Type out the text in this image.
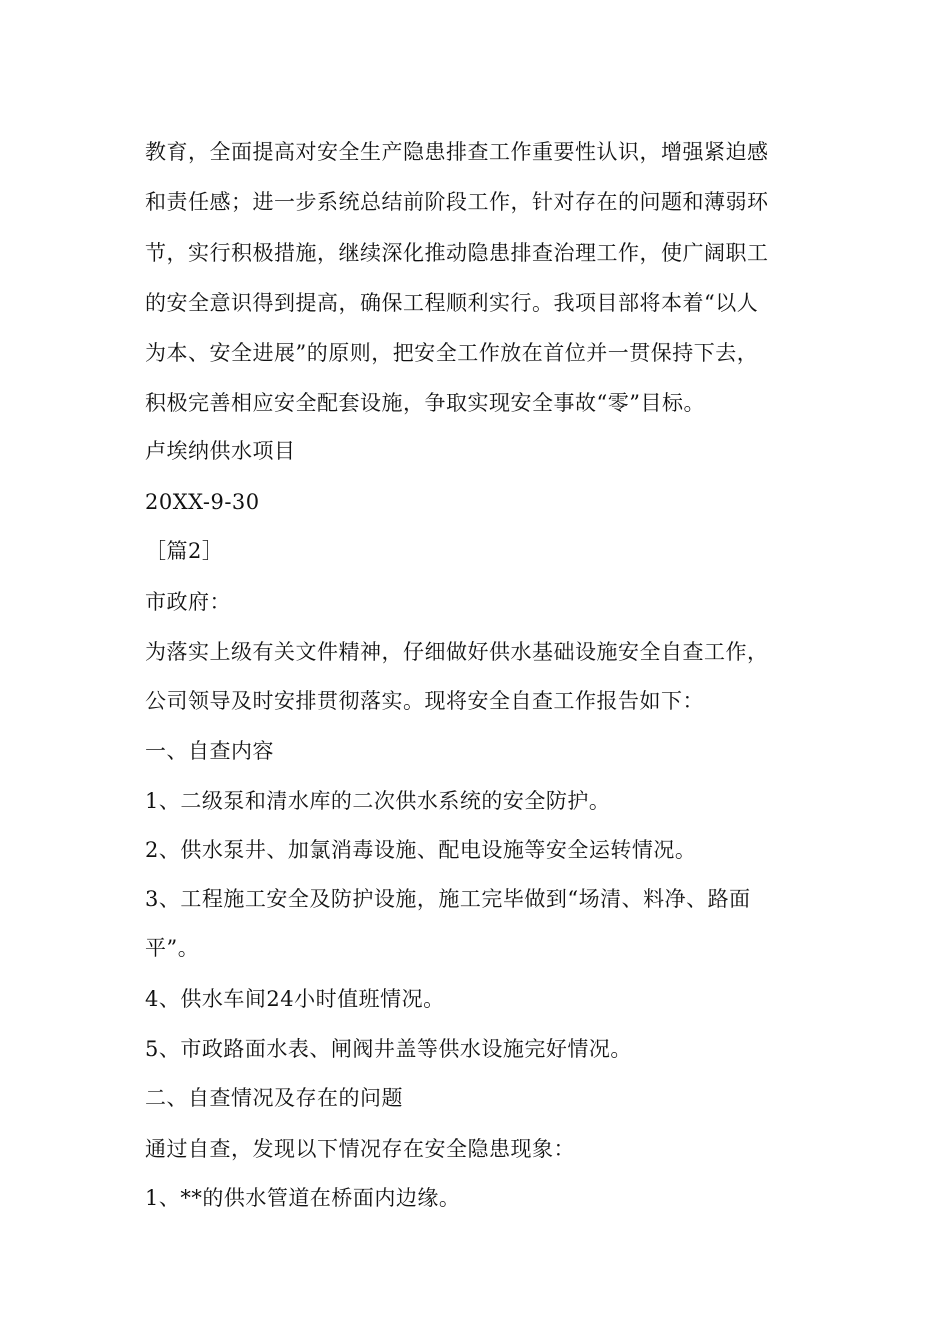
教育，全面提高对安全生产隐患排查工作重要性认识，增强紧迫感
和责任感；进一步系统总结前阶段工作，针对存在的问题和薄弱环
节，实行积极措施，继续深化推动隐患排查治理工作，使广阔职工
的安全意识得到提高，确保工程顺利实行。我项目部将本着“以人
为本、安全进展”的原则，把安全工作放在首位并一贯保持下去，
积极完善相应安全配套设施，争取实现安全事故“零”目标。
卢埃纳供水项目
20XX-9-30
［篇2］
市政府：
为落实上级有关文件精神，仔细做好供水基础设施安全自查工作，
公司领导及时安排贯彻落实。现将安全自查工作报告如下：
一、自查内容
1、二级泵和清水库的二次供水系统的安全防护。
2、供水泵井、加氯消毒设施、配电设施等安全运转情况。
3、工程施工安全及防护设施，施工完毕做到“场清、料净、路面
平”。
4、供水车间24小时值班情况。
5、市政路面水表、闸阀井盖等供水设施完好情况。
二、自查情况及存在的问题
通过自查，发现以下情况存在安全隐患现象：
1、**的供水管道在桥面内边缘。
